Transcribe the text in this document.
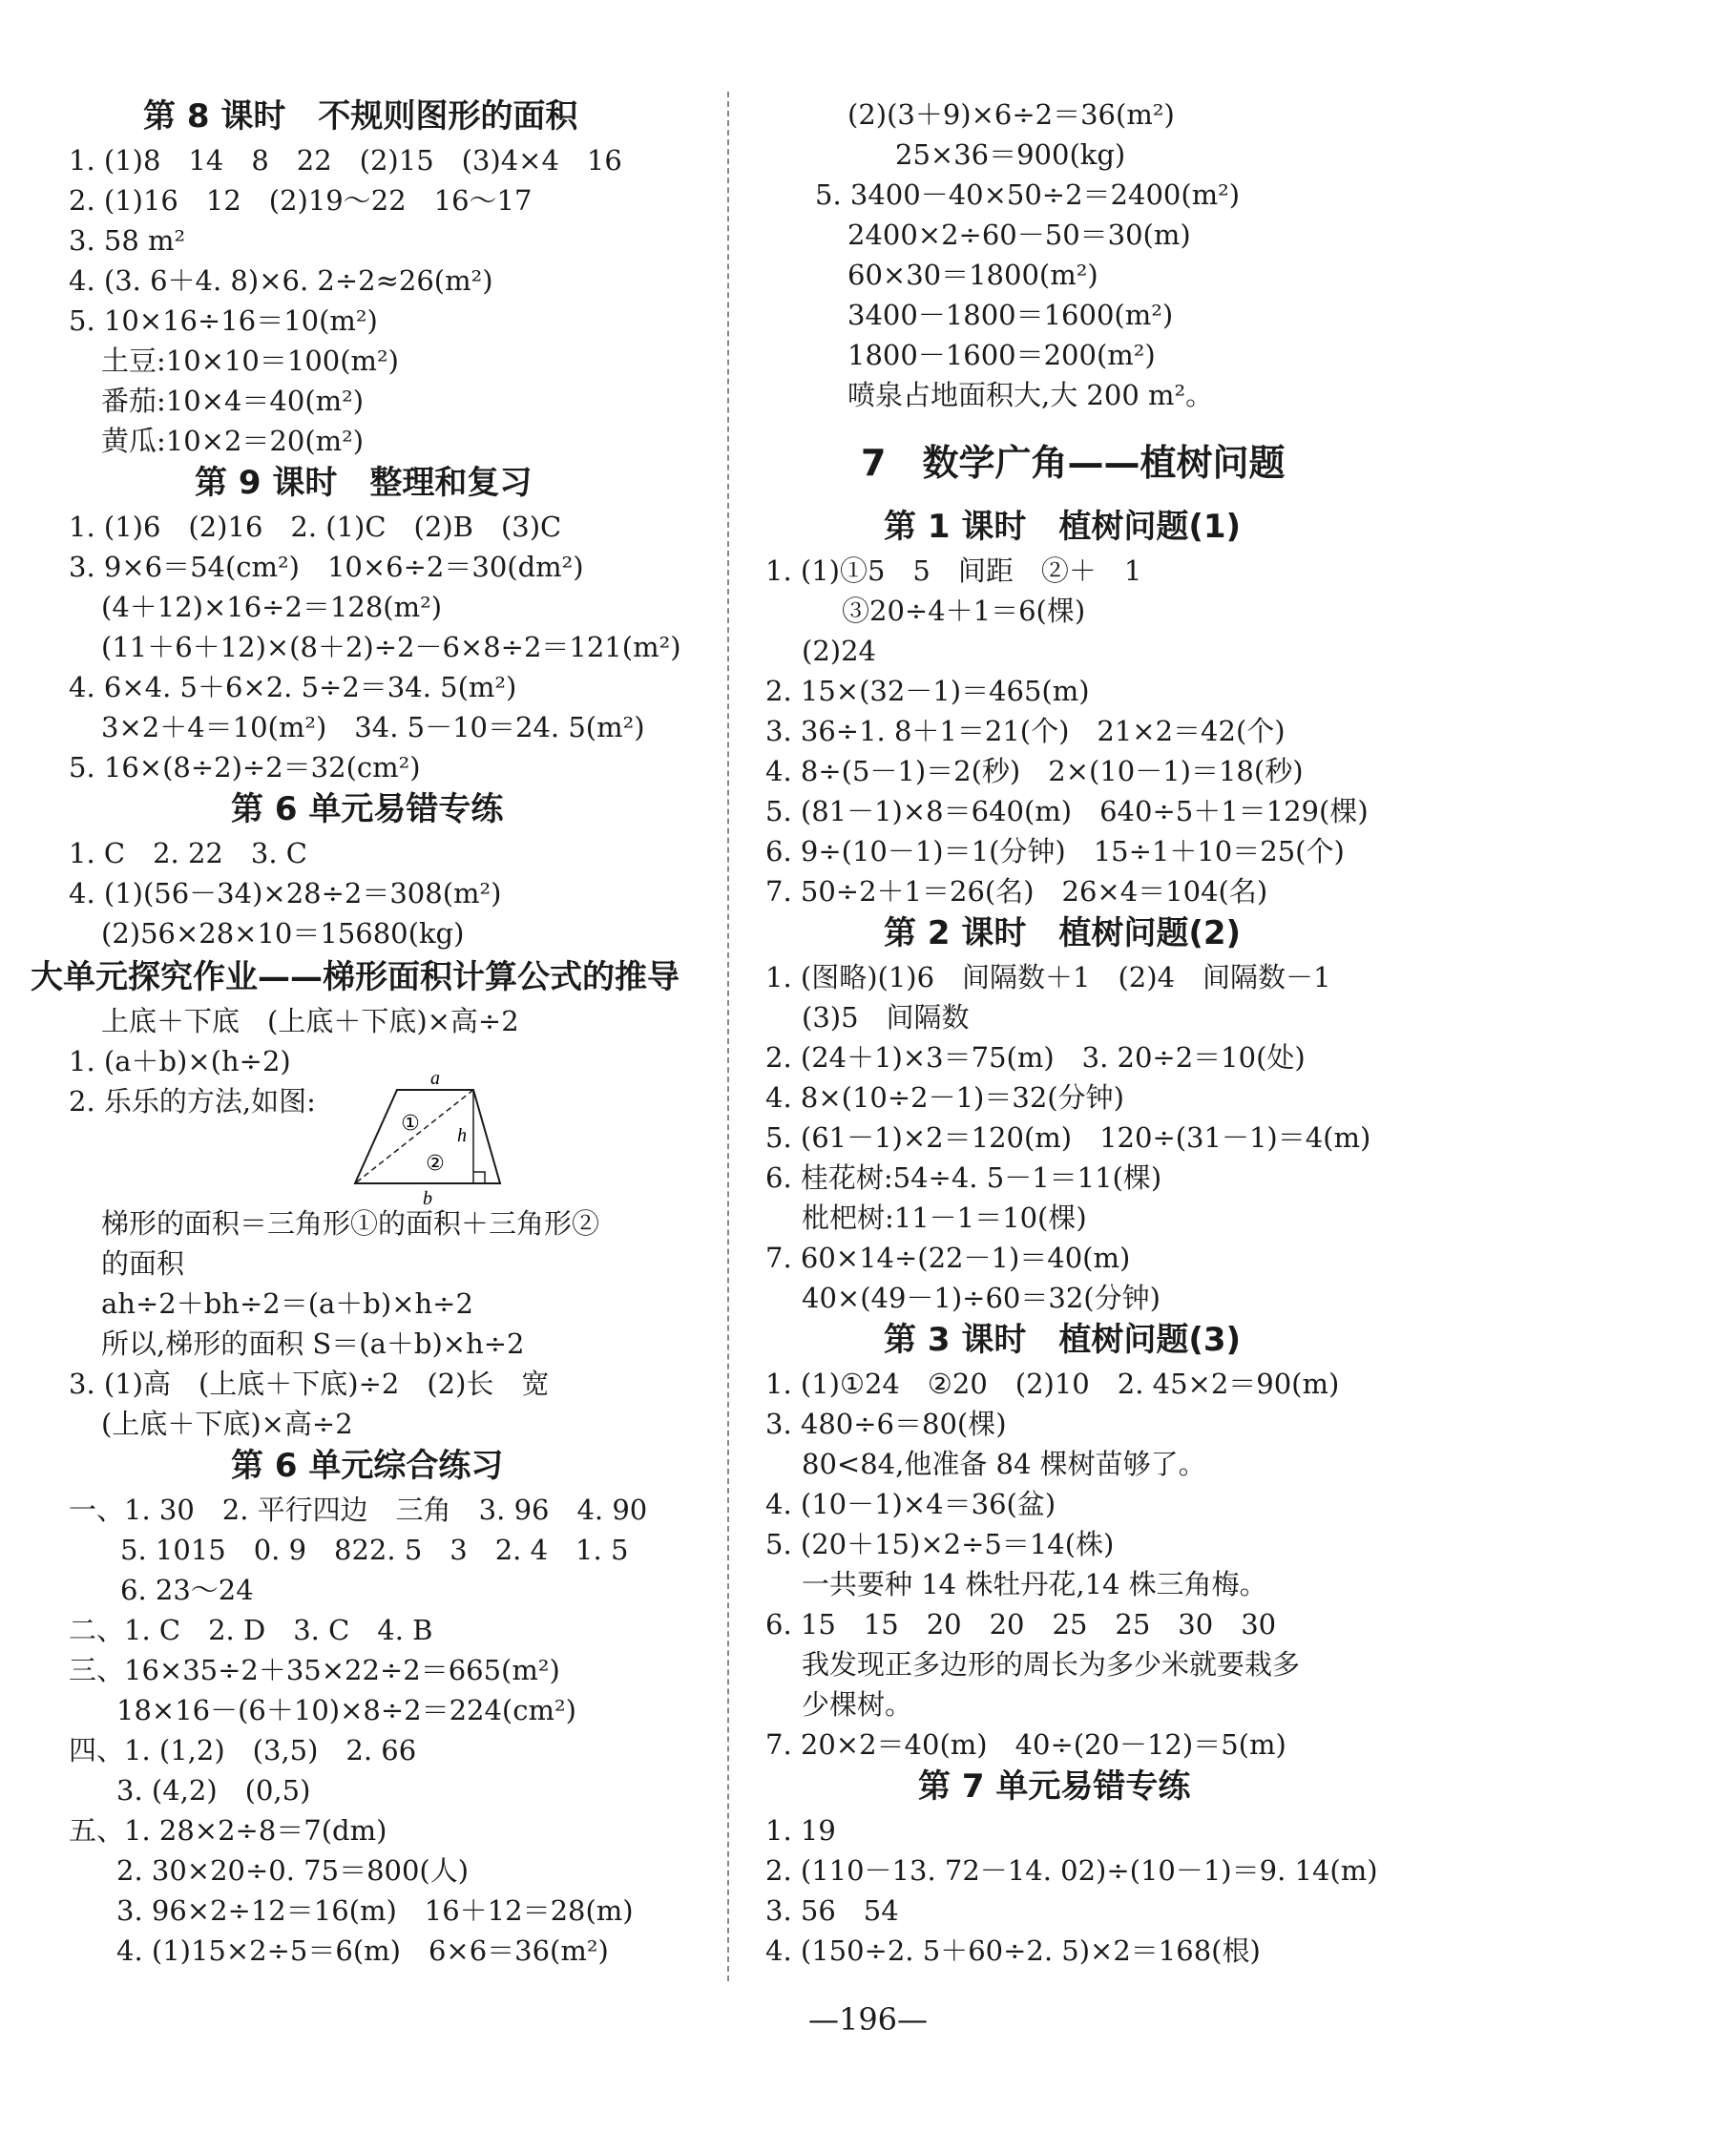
第 8 课时　不规则图形的面积
1. (1)8　14　8　22　(2)15　(3)4×4　16
2. (1)16　12　(2)19～22　16～17
3. 58 m²
4. (3. 6＋4. 8)×6. 2÷2≈26(m²)
5. 10×16÷16＝10(m²)
土豆:10×10＝100(m²)
番茄:10×4＝40(m²)
黄瓜:10×2＝20(m²)
第 9 课时　整理和复习
1. (1)6　(2)16　2. (1)C　(2)B　(3)C
3. 9×6＝54(cm²)　10×6÷2＝30(dm²)
(4＋12)×16÷2＝128(m²)
(11＋6＋12)×(8＋2)÷2－6×8÷2＝121(m²)
4. 6×4. 5＋6×2. 5÷2＝34. 5(m²)
3×2＋4＝10(m²)　34. 5－10＝24. 5(m²)
5. 16×(8÷2)÷2＝32(cm²)
第 6 单元易错专练
1. C　2. 22　3. C
4. (1)(56－34)×28÷2＝308(m²)
(2)56×28×10＝15680(kg)
大单元探究作业——梯形面积计算公式的推导
上底＋下底　(上底＋下底)×高÷2
1. (a＋b)×(h÷2)
2. 乐乐的方法,如图:
梯形的面积＝三角形①的面积＋三角形②
的面积
ah÷2＋bh÷2＝(a＋b)×h÷2
所以,梯形的面积 S＝(a＋b)×h÷2
3. (1)高　(上底＋下底)÷2　(2)长　宽
(上底＋下底)×高÷2
第 6 单元综合练习
一、1. 30　2. 平行四边　三角　3. 96　4. 90
5. 1015　0. 9　822. 5　3　2. 4　1. 5
6. 23～24
二、1. C　2. D　3. C　4. B
三、16×35÷2＋35×22÷2＝665(m²)
18×16－(6＋10)×8÷2＝224(cm²)
四、1. (1,2)　(3,5)　2. 66
3. (4,2)　(0,5)
五、1. 28×2÷8＝7(dm)
2. 30×20÷0. 75＝800(人)
3. 96×2÷12＝16(m)　16＋12＝28(m)
4. (1)15×2÷5＝6(m)　6×6＝36(m²)
(2)(3＋9)×6÷2＝36(m²)
25×36＝900(kg)
5. 3400－40×50÷2＝2400(m²)
2400×2÷60－50＝30(m)
60×30＝1800(m²)
3400－1800＝1600(m²)
1800－1600＝200(m²)
喷泉占地面积大,大 200 m²。
7　数学广角——植树问题
第 1 课时　植树问题(1)
1. (1)①5　5　间距　②＋　1
③20÷4＋1＝6(棵)
(2)24
2. 15×(32－1)＝465(m)
3. 36÷1. 8＋1＝21(个)　21×2＝42(个)
4. 8÷(5－1)＝2(秒)　2×(10－1)＝18(秒)
5. (81－1)×8＝640(m)　640÷5＋1＝129(棵)
6. 9÷(10－1)＝1(分钟)　15÷1＋10＝25(个)
7. 50÷2＋1＝26(名)　26×4＝104(名)
第 2 课时　植树问题(2)
1. (图略)(1)6　间隔数＋1　(2)4　间隔数－1
(3)5　间隔数
2. (24＋1)×3＝75(m)　3. 20÷2＝10(处)
4. 8×(10÷2－1)＝32(分钟)
5. (61－1)×2＝120(m)　120÷(31－1)＝4(m)
6. 桂花树:54÷4. 5－1＝11(棵)
枇杷树:11－1＝10(棵)
7. 60×14÷(22－1)＝40(m)
40×(49－1)÷60＝32(分钟)
第 3 课时　植树问题(3)
1. (1)①24　②20　(2)10　2. 45×2＝90(m)
3. 480÷6＝80(棵)
80<84,他准备 84 棵树苗够了。
4. (10－1)×4＝36(盆)
5. (20＋15)×2÷5＝14(株)
一共要种 14 株牡丹花,14 株三角梅。
6. 15　15　20　20　25　25　30　30
我发现正多边形的周长为多少米就要栽多
少棵树。
7. 20×2＝40(m)　40÷(20－12)＝5(m)
第 7 单元易错专练
1. 19
2. (110－13. 72－14. 02)÷(10－1)＝9. 14(m)
3. 56　54
4. (150÷2. 5＋60÷2. 5)×2＝168(根)
a
b
h
①
②
—196—
